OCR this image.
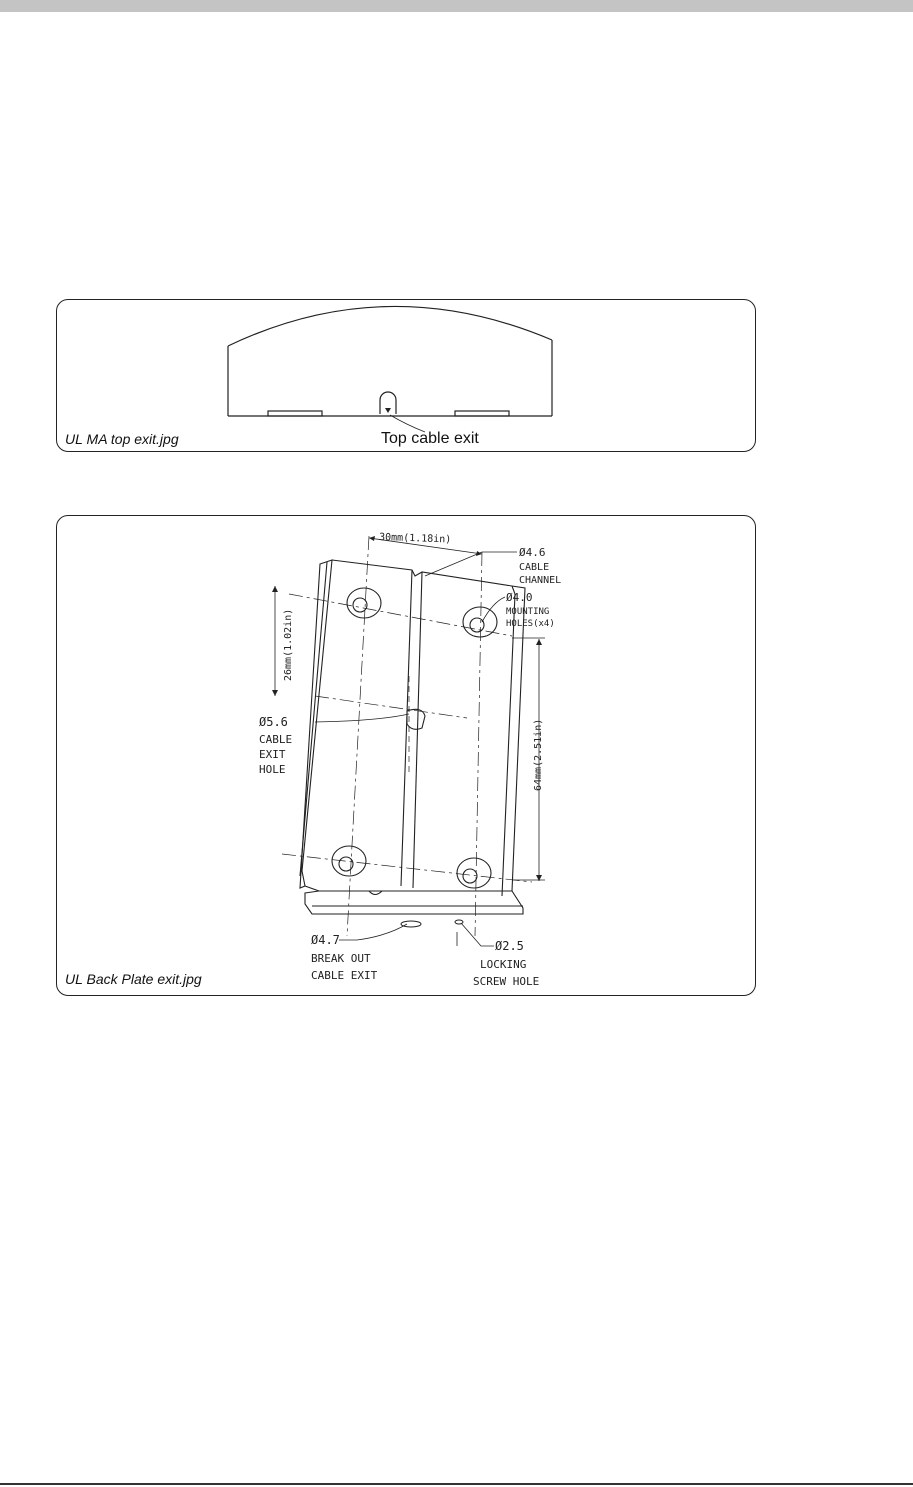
Top cable exit
UL MA top exit.jpg
30mm(1.18in)
26mm(1.02in)
64mm(2.51in)
Ø4.6
CABLE
CHANNEL
Ø4.0
MOUNTING
HOLES(x4)
Ø5.6
CABLE
EXIT
HOLE
Ø4.7
BREAK OUT
CABLE EXIT
Ø2.5
LOCKING
SCREW HOLE
UL Back Plate exit.jpg
